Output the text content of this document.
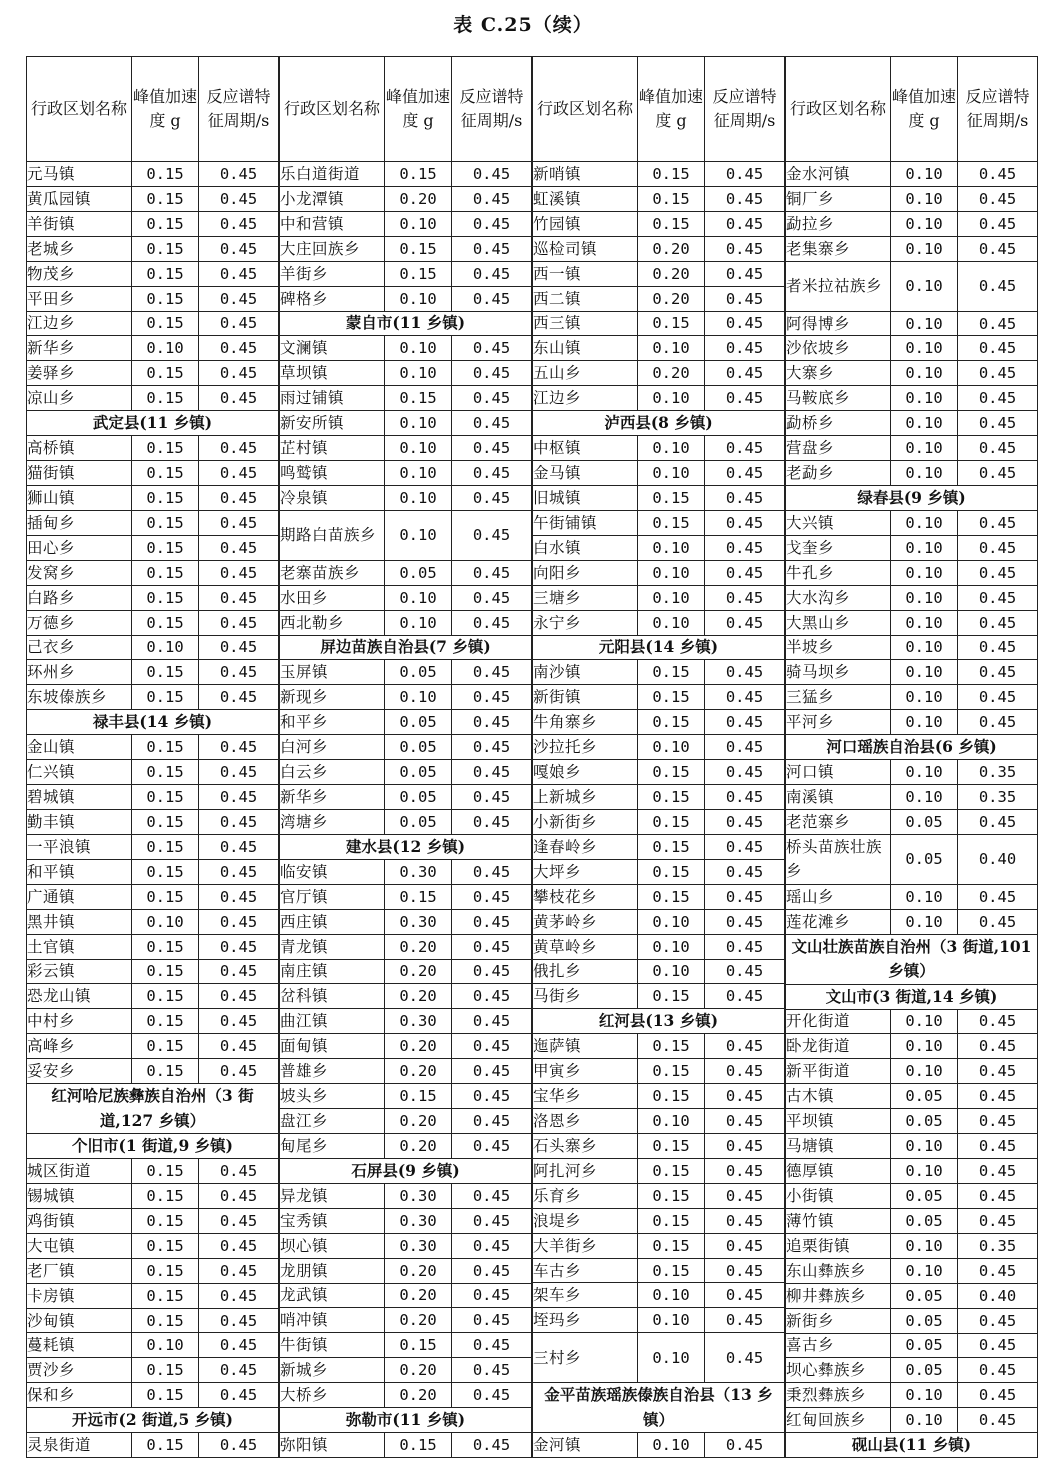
表 C.25（续）
行政区划名称	峰值加速度 g	反应谱特征周期/s
元马镇	0.15	0.45
黄瓜园镇	0.15	0.45
羊街镇	0.15	0.45
老城乡	0.15	0.45
物茂乡	0.15	0.45
平田乡	0.15	0.45
江边乡	0.15	0.45
新华乡	0.10	0.45
姜驿乡	0.15	0.45
凉山乡	0.15	0.45
武定县(11 乡镇)		
高桥镇	0.15	0.45
猫街镇	0.15	0.45
狮山镇	0.15	0.45
插甸乡	0.15	0.45
田心乡	0.15	0.45
发窝乡	0.15	0.45
白路乡	0.15	0.45
万德乡	0.15	0.45
己衣乡	0.10	0.45
环州乡	0.15	0.45
东坡傣族乡	0.15	0.45
禄丰县(14 乡镇)		
金山镇	0.15	0.45
仁兴镇	0.15	0.45
碧城镇	0.15	0.45
勤丰镇	0.15	0.45
一平浪镇	0.15	0.45
和平镇	0.15	0.45
广通镇	0.15	0.45
黑井镇	0.10	0.45
土官镇	0.15	0.45
彩云镇	0.15	0.45
恐龙山镇	0.15	0.45
中村乡	0.15	0.45
高峰乡	0.15	0.45
妥安乡	0.15	0.45
红河哈尼族彝族自治州（3 街道,127 乡镇）		
个旧市(1 街道,9 乡镇)		
城区街道	0.15	0.45
锡城镇	0.15	0.45
鸡街镇	0.15	0.45
大屯镇	0.15	0.45
老厂镇	0.15	0.45
卡房镇	0.15	0.45
沙甸镇	0.15	0.45
蔓耗镇	0.10	0.45
贾沙乡	0.15	0.45
保和乡	0.15	0.45
开远市(2 街道,5 乡镇)		
灵泉街道	0.15	0.45
行政区划名称	峰值加速度 g	反应谱特征周期/s
乐白道街道	0.15	0.45
小龙潭镇	0.20	0.45
中和营镇	0.10	0.45
大庄回族乡	0.15	0.45
羊街乡	0.15	0.45
碑格乡	0.10	0.45
蒙自市(11 乡镇)		
文澜镇	0.10	0.45
草坝镇	0.10	0.45
雨过铺镇	0.15	0.45
新安所镇	0.10	0.45
芷村镇	0.10	0.45
鸣鹫镇	0.10	0.45
冷泉镇	0.10	0.45
期路白苗族乡	0.10	0.45
老寨苗族乡	0.05	0.45
水田乡	0.10	0.45
西北勒乡	0.10	0.45
屏边苗族自治县(7 乡镇)		
玉屏镇	0.05	0.45
新现乡	0.10	0.45
和平乡	0.05	0.45
白河乡	0.05	0.45
白云乡	0.05	0.45
新华乡	0.05	0.45
湾塘乡	0.05	0.45
建水县(12 乡镇)		
临安镇	0.30	0.45
官厅镇	0.15	0.45
西庄镇	0.30	0.45
青龙镇	0.20	0.45
南庄镇	0.20	0.45
岔科镇	0.20	0.45
曲江镇	0.30	0.45
面甸镇	0.20	0.45
普雄乡	0.20	0.45
坡头乡	0.15	0.45
盘江乡	0.20	0.45
甸尾乡	0.20	0.45
石屏县(9 乡镇)		
异龙镇	0.30	0.45
宝秀镇	0.30	0.45
坝心镇	0.30	0.45
龙朋镇	0.20	0.45
龙武镇	0.20	0.45
哨冲镇	0.20	0.45
牛街镇	0.15	0.45
新城乡	0.20	0.45
大桥乡	0.20	0.45
弥勒市(11 乡镇)		
弥阳镇	0.15	0.45
行政区划名称	峰值加速度 g	反应谱特征周期/s
新哨镇	0.15	0.45
虹溪镇	0.15	0.45
竹园镇	0.15	0.45
巡检司镇	0.20	0.45
西一镇	0.20	0.45
西二镇	0.20	0.45
西三镇	0.15	0.45
东山镇	0.10	0.45
五山乡	0.20	0.45
江边乡	0.10	0.45
泸西县(8 乡镇)		
中枢镇	0.10	0.45
金马镇	0.10	0.45
旧城镇	0.15	0.45
午街铺镇	0.15	0.45
白水镇	0.10	0.45
向阳乡	0.10	0.45
三塘乡	0.10	0.45
永宁乡	0.10	0.45
元阳县(14 乡镇)		
南沙镇	0.15	0.45
新街镇	0.15	0.45
牛角寨乡	0.15	0.45
沙拉托乡	0.10	0.45
嘎娘乡	0.15	0.45
上新城乡	0.15	0.45
小新街乡	0.15	0.45
逢春岭乡	0.15	0.45
大坪乡	0.15	0.45
攀枝花乡	0.15	0.45
黄茅岭乡	0.10	0.45
黄草岭乡	0.10	0.45
俄扎乡	0.10	0.45
马街乡	0.15	0.45
红河县(13 乡镇)		
迤萨镇	0.15	0.45
甲寅乡	0.15	0.45
宝华乡	0.15	0.45
洛恩乡	0.10	0.45
石头寨乡	0.15	0.45
阿扎河乡	0.15	0.45
乐育乡	0.15	0.45
浪堤乡	0.15	0.45
大羊街乡	0.15	0.45
车古乡	0.15	0.45
架车乡	0.10	0.45
垤玛乡	0.10	0.45
三村乡	0.10	0.45
金平苗族瑶族傣族自治县（13 乡镇）		
金河镇	0.10	0.45
行政区划名称	峰值加速度 g	反应谱特征周期/s
金水河镇	0.10	0.45
铜厂乡	0.10	0.45
勐拉乡	0.10	0.45
老集寨乡	0.10	0.45
者米拉祜族乡	0.10	0.45
阿得博乡	0.10	0.45
沙依坡乡	0.10	0.45
大寨乡	0.10	0.45
马鞍底乡	0.10	0.45
勐桥乡	0.10	0.45
营盘乡	0.10	0.45
老勐乡	0.10	0.45
绿春县(9 乡镇)		
大兴镇	0.10	0.45
戈奎乡	0.10	0.45
牛孔乡	0.10	0.45
大水沟乡	0.10	0.45
大黑山乡	0.10	0.45
半坡乡	0.10	0.45
骑马坝乡	0.10	0.45
三猛乡	0.10	0.45
平河乡	0.10	0.45
河口瑶族自治县(6 乡镇)		
河口镇	0.10	0.35
南溪镇	0.10	0.35
老范寨乡	0.05	0.45
桥头苗族壮族乡	0.05	0.40
瑶山乡	0.10	0.45
莲花滩乡	0.10	0.45
文山壮族苗族自治州（3 街道,101 乡镇）		
文山市(3 街道,14 乡镇)		
开化街道	0.10	0.45
卧龙街道	0.10	0.45
新平街道	0.10	0.45
古木镇	0.05	0.45
平坝镇	0.05	0.45
马塘镇	0.10	0.45
德厚镇	0.10	0.45
小街镇	0.05	0.45
薄竹镇	0.05	0.45
追栗街镇	0.10	0.35
东山彝族乡	0.10	0.45
柳井彝族乡	0.05	0.40
新街乡	0.05	0.45
喜古乡	0.05	0.45
坝心彝族乡	0.05	0.45
秉烈彝族乡	0.10	0.45
红甸回族乡	0.10	0.45
砚山县(11 乡镇)		
